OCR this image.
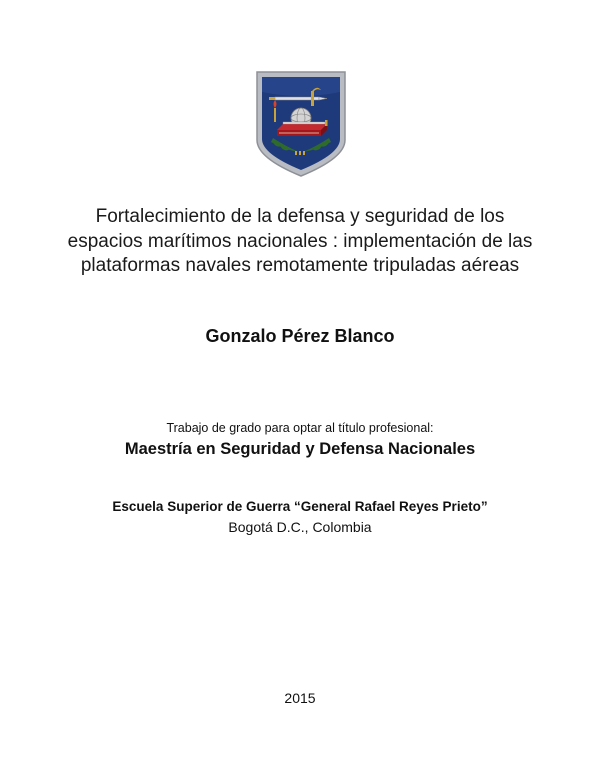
Fortalecimiento de la defensa y seguridad de los espacios marítimos nacionales : implementación de las plataformas navales remotamente tripuladas aéreas

Gonzalo Pérez Blanco

Trabajo de grado para optar al título profesional:

Maestría en Seguridad y Defensa Nacionales

Escuela Superior de Guerra “General Rafael Reyes Prieto”

Bogotá D.C., Colombia

2015
